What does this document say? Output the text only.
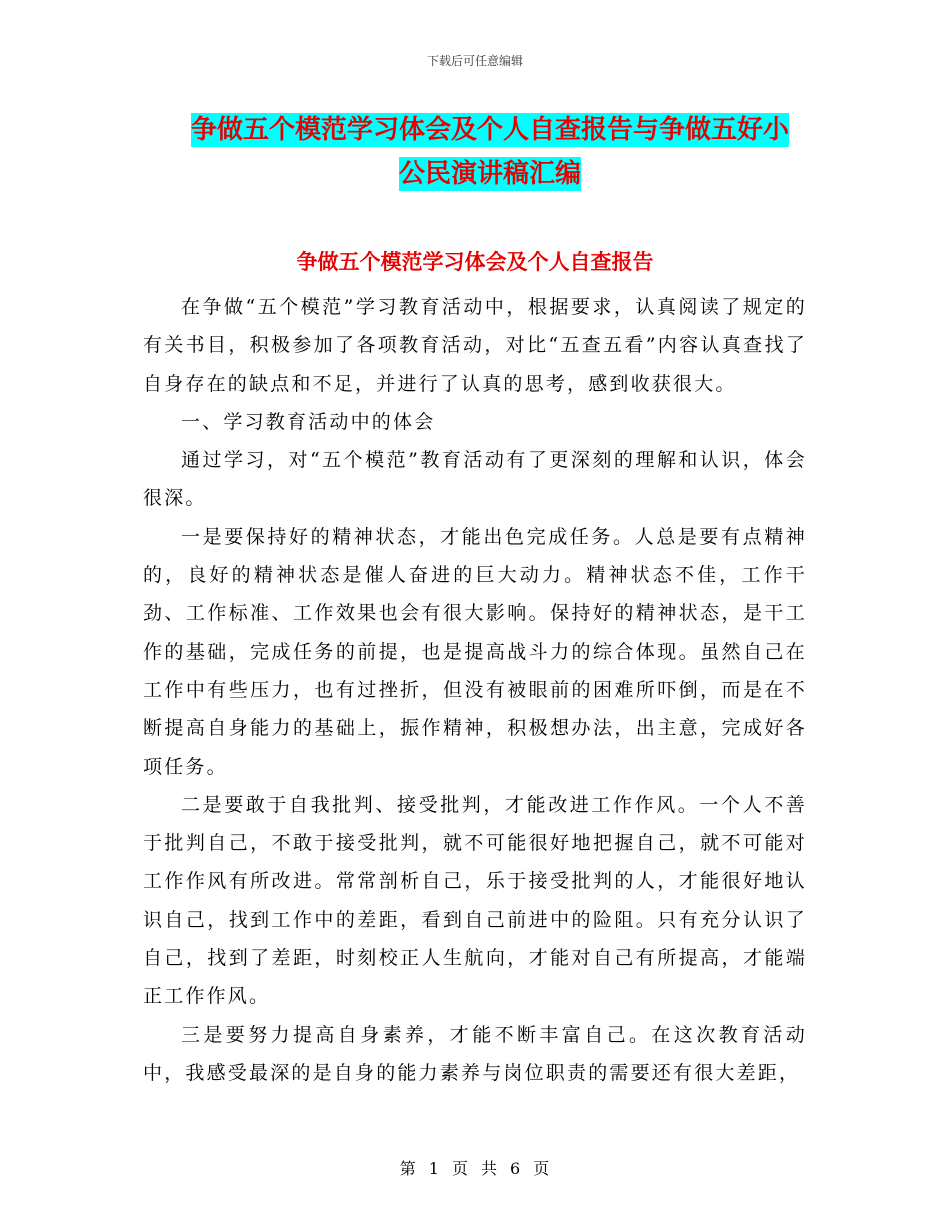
下载后可任意编辑
争做五个模范学习体会及个人自查报告与争做五好小
公民演讲稿汇编
争做五个模范学习体会及个人自查报告

在争做“五个模范”学习教育活动中，根据要求，认真阅读了规定的有关书目，积极参加了各项教育活动，对比“五查五看”内容认真查找了自身存在的缺点和不足，并进行了认真的思考，感到收获很大。

一、学习教育活动中的体会

通过学习，对“五个模范”教育活动有了更深刻的理解和认识，体会很深。

一是要保持好的精神状态，才能出色完成任务。人总是要有点精神的，良好的精神状态是催人奋进的巨大动力。精神状态不佳，工作干劲、工作标准、工作效果也会有很大影响。保持好的精神状态，是干工作的基础，完成任务的前提，也是提高战斗力的综合体现。虽然自己在工作中有些压力，也有过挫折，但没有被眼前的困难所吓倒，而是在不断提高自身能力的基础上，振作精神，积极想办法，出主意，完成好各项任务。

二是要敢于自我批判、接受批判，才能改进工作作风。一个人不善于批判自己，不敢于接受批判，就不可能很好地把握自己，就不可能对工作作风有所改进。常常剖析自己，乐于接受批判的人，才能很好地认识自己，找到工作中的差距，看到自己前进中的险阻。只有充分认识了自己，找到了差距，时刻校正人生航向，才能对自己有所提高，才能端正工作作风。

三是要努力提高自身素养，才能不断丰富自己。在这次教育活动中，我感受最深的是自身的能力素养与岗位职责的需要还有很大差距，

第 1 页 共 6 页
